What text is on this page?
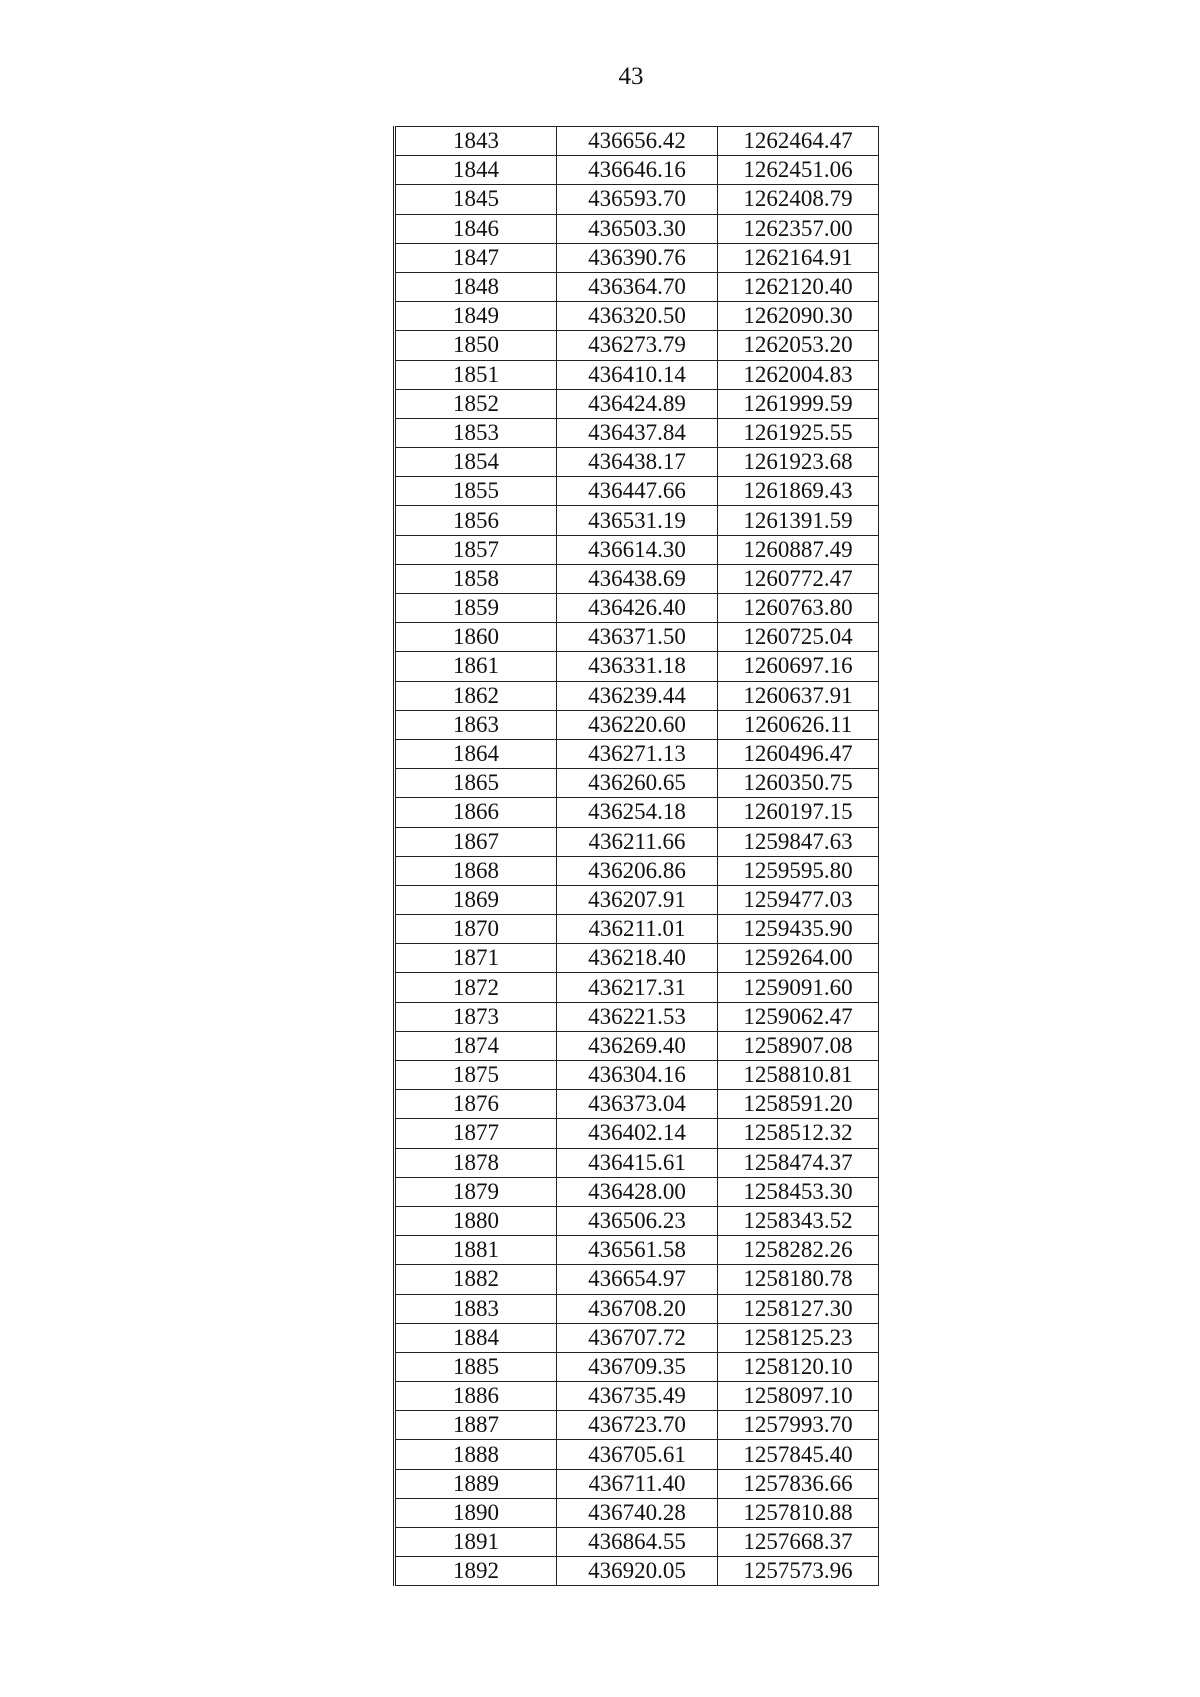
43
1843	436656.42	1262464.47
1844	436646.16	1262451.06
1845	436593.70	1262408.79
1846	436503.30	1262357.00
1847	436390.76	1262164.91
1848	436364.70	1262120.40
1849	436320.50	1262090.30
1850	436273.79	1262053.20
1851	436410.14	1262004.83
1852	436424.89	1261999.59
1853	436437.84	1261925.55
1854	436438.17	1261923.68
1855	436447.66	1261869.43
1856	436531.19	1261391.59
1857	436614.30	1260887.49
1858	436438.69	1260772.47
1859	436426.40	1260763.80
1860	436371.50	1260725.04
1861	436331.18	1260697.16
1862	436239.44	1260637.91
1863	436220.60	1260626.11
1864	436271.13	1260496.47
1865	436260.65	1260350.75
1866	436254.18	1260197.15
1867	436211.66	1259847.63
1868	436206.86	1259595.80
1869	436207.91	1259477.03
1870	436211.01	1259435.90
1871	436218.40	1259264.00
1872	436217.31	1259091.60
1873	436221.53	1259062.47
1874	436269.40	1258907.08
1875	436304.16	1258810.81
1876	436373.04	1258591.20
1877	436402.14	1258512.32
1878	436415.61	1258474.37
1879	436428.00	1258453.30
1880	436506.23	1258343.52
1881	436561.58	1258282.26
1882	436654.97	1258180.78
1883	436708.20	1258127.30
1884	436707.72	1258125.23
1885	436709.35	1258120.10
1886	436735.49	1258097.10
1887	436723.70	1257993.70
1888	436705.61	1257845.40
1889	436711.40	1257836.66
1890	436740.28	1257810.88
1891	436864.55	1257668.37
1892	436920.05	1257573.96
